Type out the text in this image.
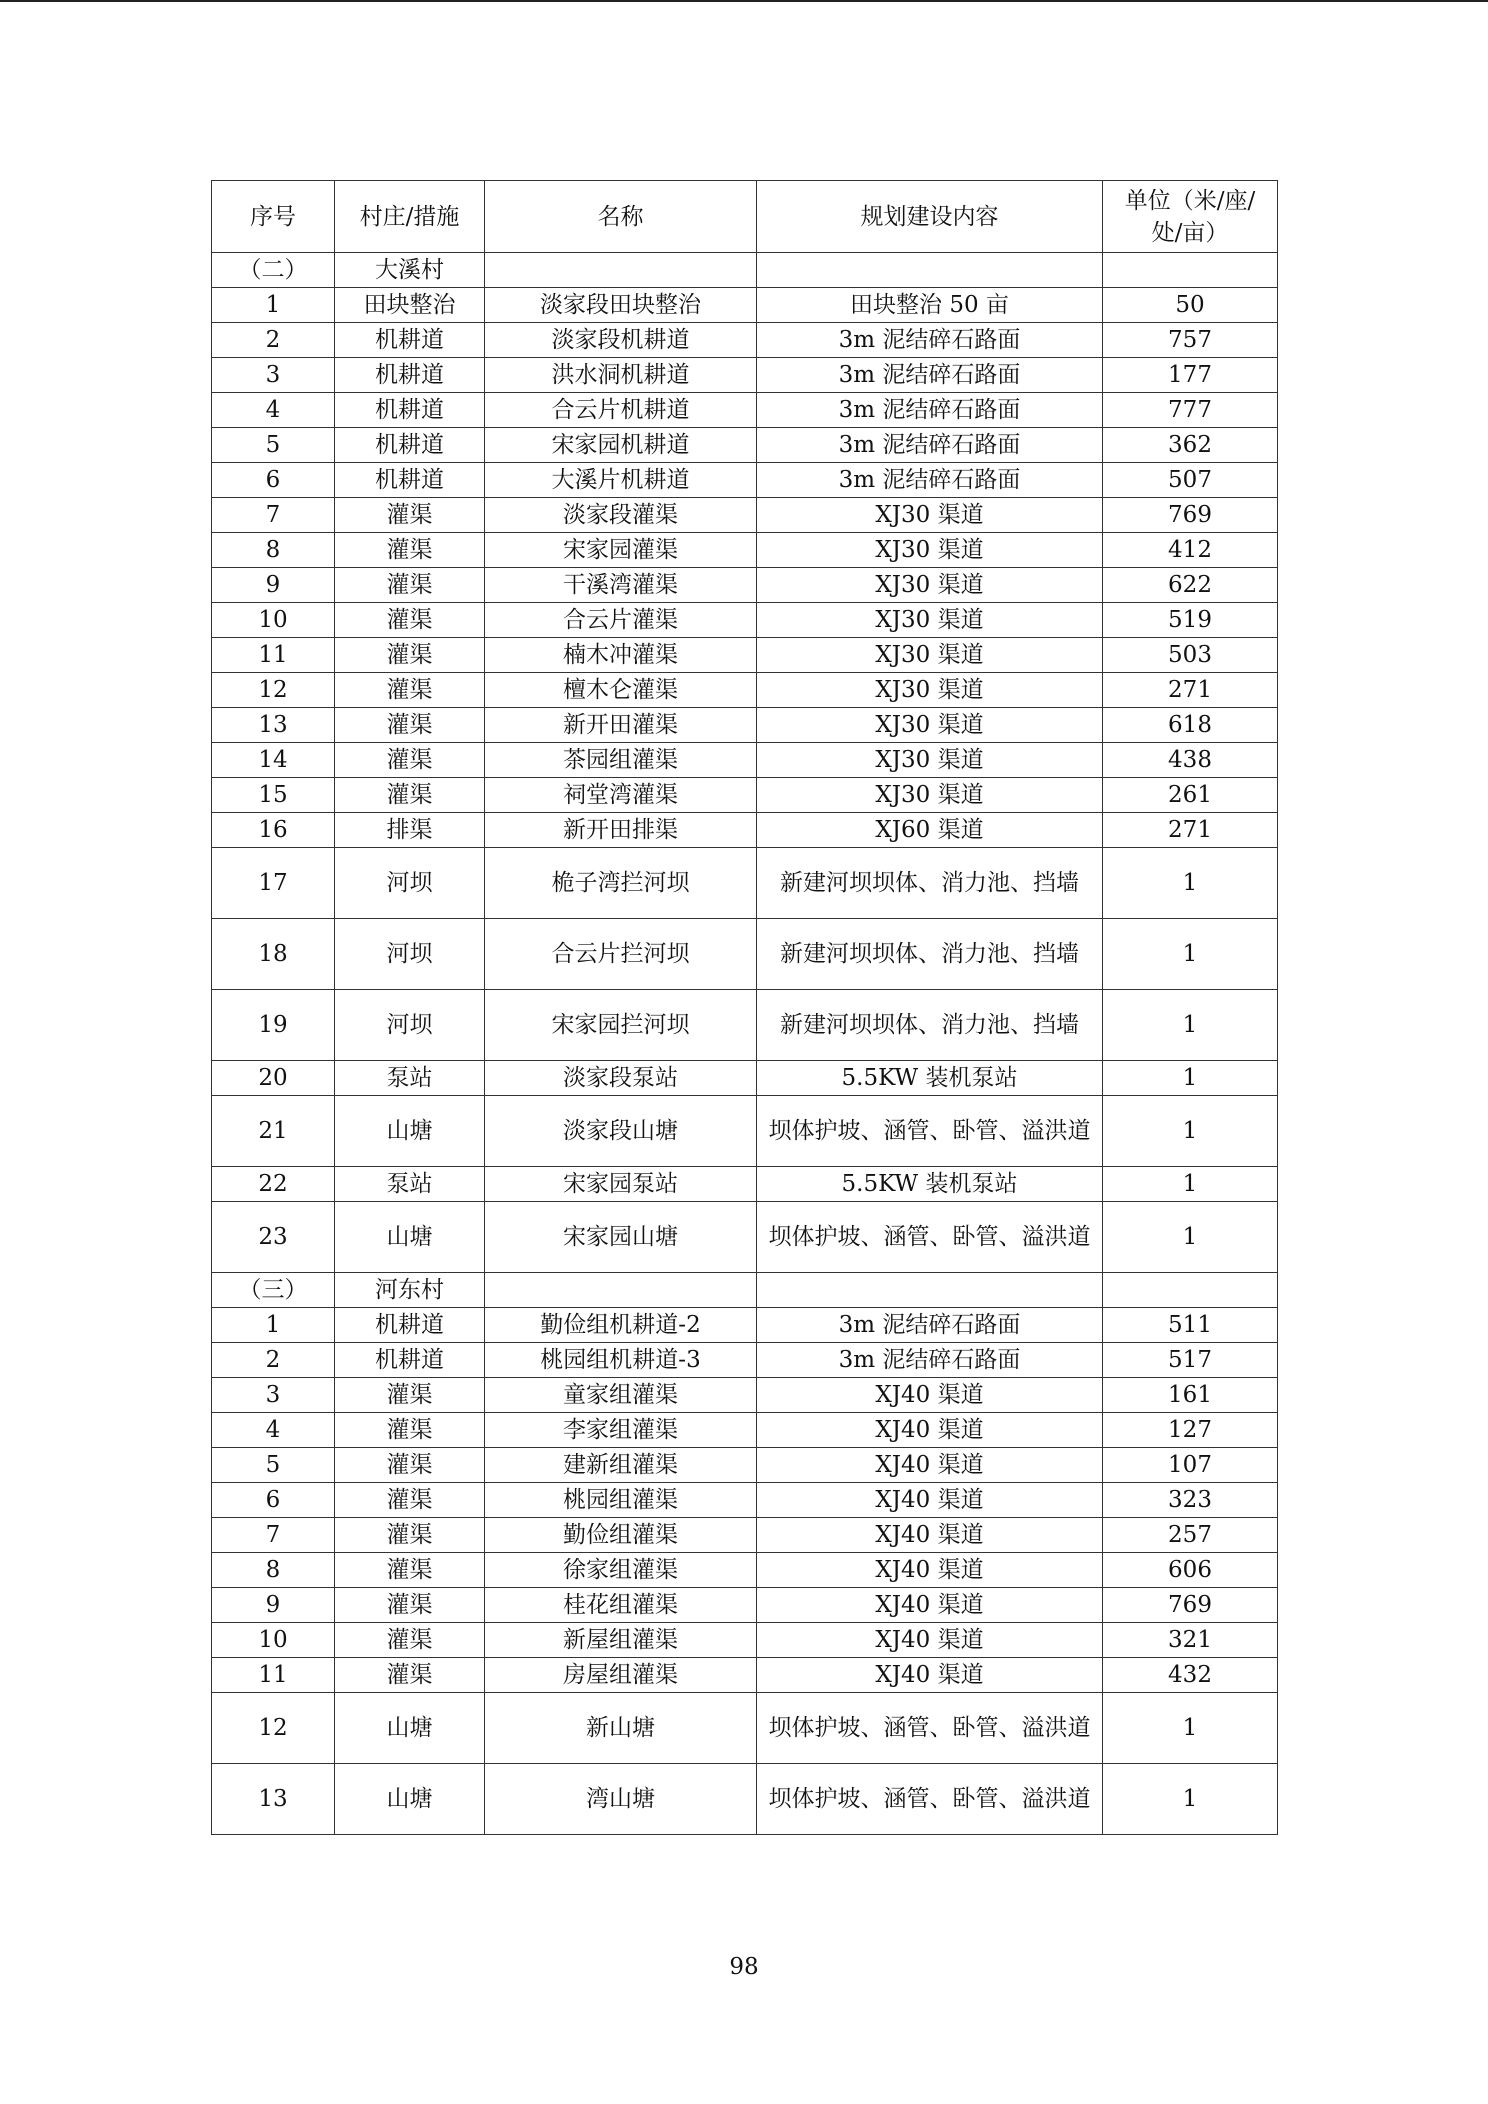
序号	村庄/措施	名称	规划建设内容	单位（米/座/处/亩）
（二）	大溪村			
1	田块整治	淡家段田块整治	田块整治 50 亩	50
2	机耕道	淡家段机耕道	3m 泥结碎石路面	757
3	机耕道	洪水洞机耕道	3m 泥结碎石路面	177
4	机耕道	合云片机耕道	3m 泥结碎石路面	777
5	机耕道	宋家园机耕道	3m 泥结碎石路面	362
6	机耕道	大溪片机耕道	3m 泥结碎石路面	507
7	灌渠	淡家段灌渠	XJ30 渠道	769
8	灌渠	宋家园灌渠	XJ30 渠道	412
9	灌渠	干溪湾灌渠	XJ30 渠道	622
10	灌渠	合云片灌渠	XJ30 渠道	519
11	灌渠	楠木冲灌渠	XJ30 渠道	503
12	灌渠	檀木仑灌渠	XJ30 渠道	271
13	灌渠	新开田灌渠	XJ30 渠道	618
14	灌渠	茶园组灌渠	XJ30 渠道	438
15	灌渠	祠堂湾灌渠	XJ30 渠道	261
16	排渠	新开田排渠	XJ60 渠道	271
17	河坝	桅子湾拦河坝	新建河坝坝体、消力池、挡墙	1
18	河坝	合云片拦河坝	新建河坝坝体、消力池、挡墙	1
19	河坝	宋家园拦河坝	新建河坝坝体、消力池、挡墙	1
20	泵站	淡家段泵站	5.5KW 装机泵站	1
21	山塘	淡家段山塘	坝体护坡、涵管、卧管、溢洪道	1
22	泵站	宋家园泵站	5.5KW 装机泵站	1
23	山塘	宋家园山塘	坝体护坡、涵管、卧管、溢洪道	1
（三）	河东村			
1	机耕道	勤俭组机耕道-2	3m 泥结碎石路面	511
2	机耕道	桃园组机耕道-3	3m 泥结碎石路面	517
3	灌渠	童家组灌渠	XJ40 渠道	161
4	灌渠	李家组灌渠	XJ40 渠道	127
5	灌渠	建新组灌渠	XJ40 渠道	107
6	灌渠	桃园组灌渠	XJ40 渠道	323
7	灌渠	勤俭组灌渠	XJ40 渠道	257
8	灌渠	徐家组灌渠	XJ40 渠道	606
9	灌渠	桂花组灌渠	XJ40 渠道	769
10	灌渠	新屋组灌渠	XJ40 渠道	321
11	灌渠	房屋组灌渠	XJ40 渠道	432
12	山塘	新山塘	坝体护坡、涵管、卧管、溢洪道	1
13	山塘	湾山塘	坝体护坡、涵管、卧管、溢洪道	1
98
